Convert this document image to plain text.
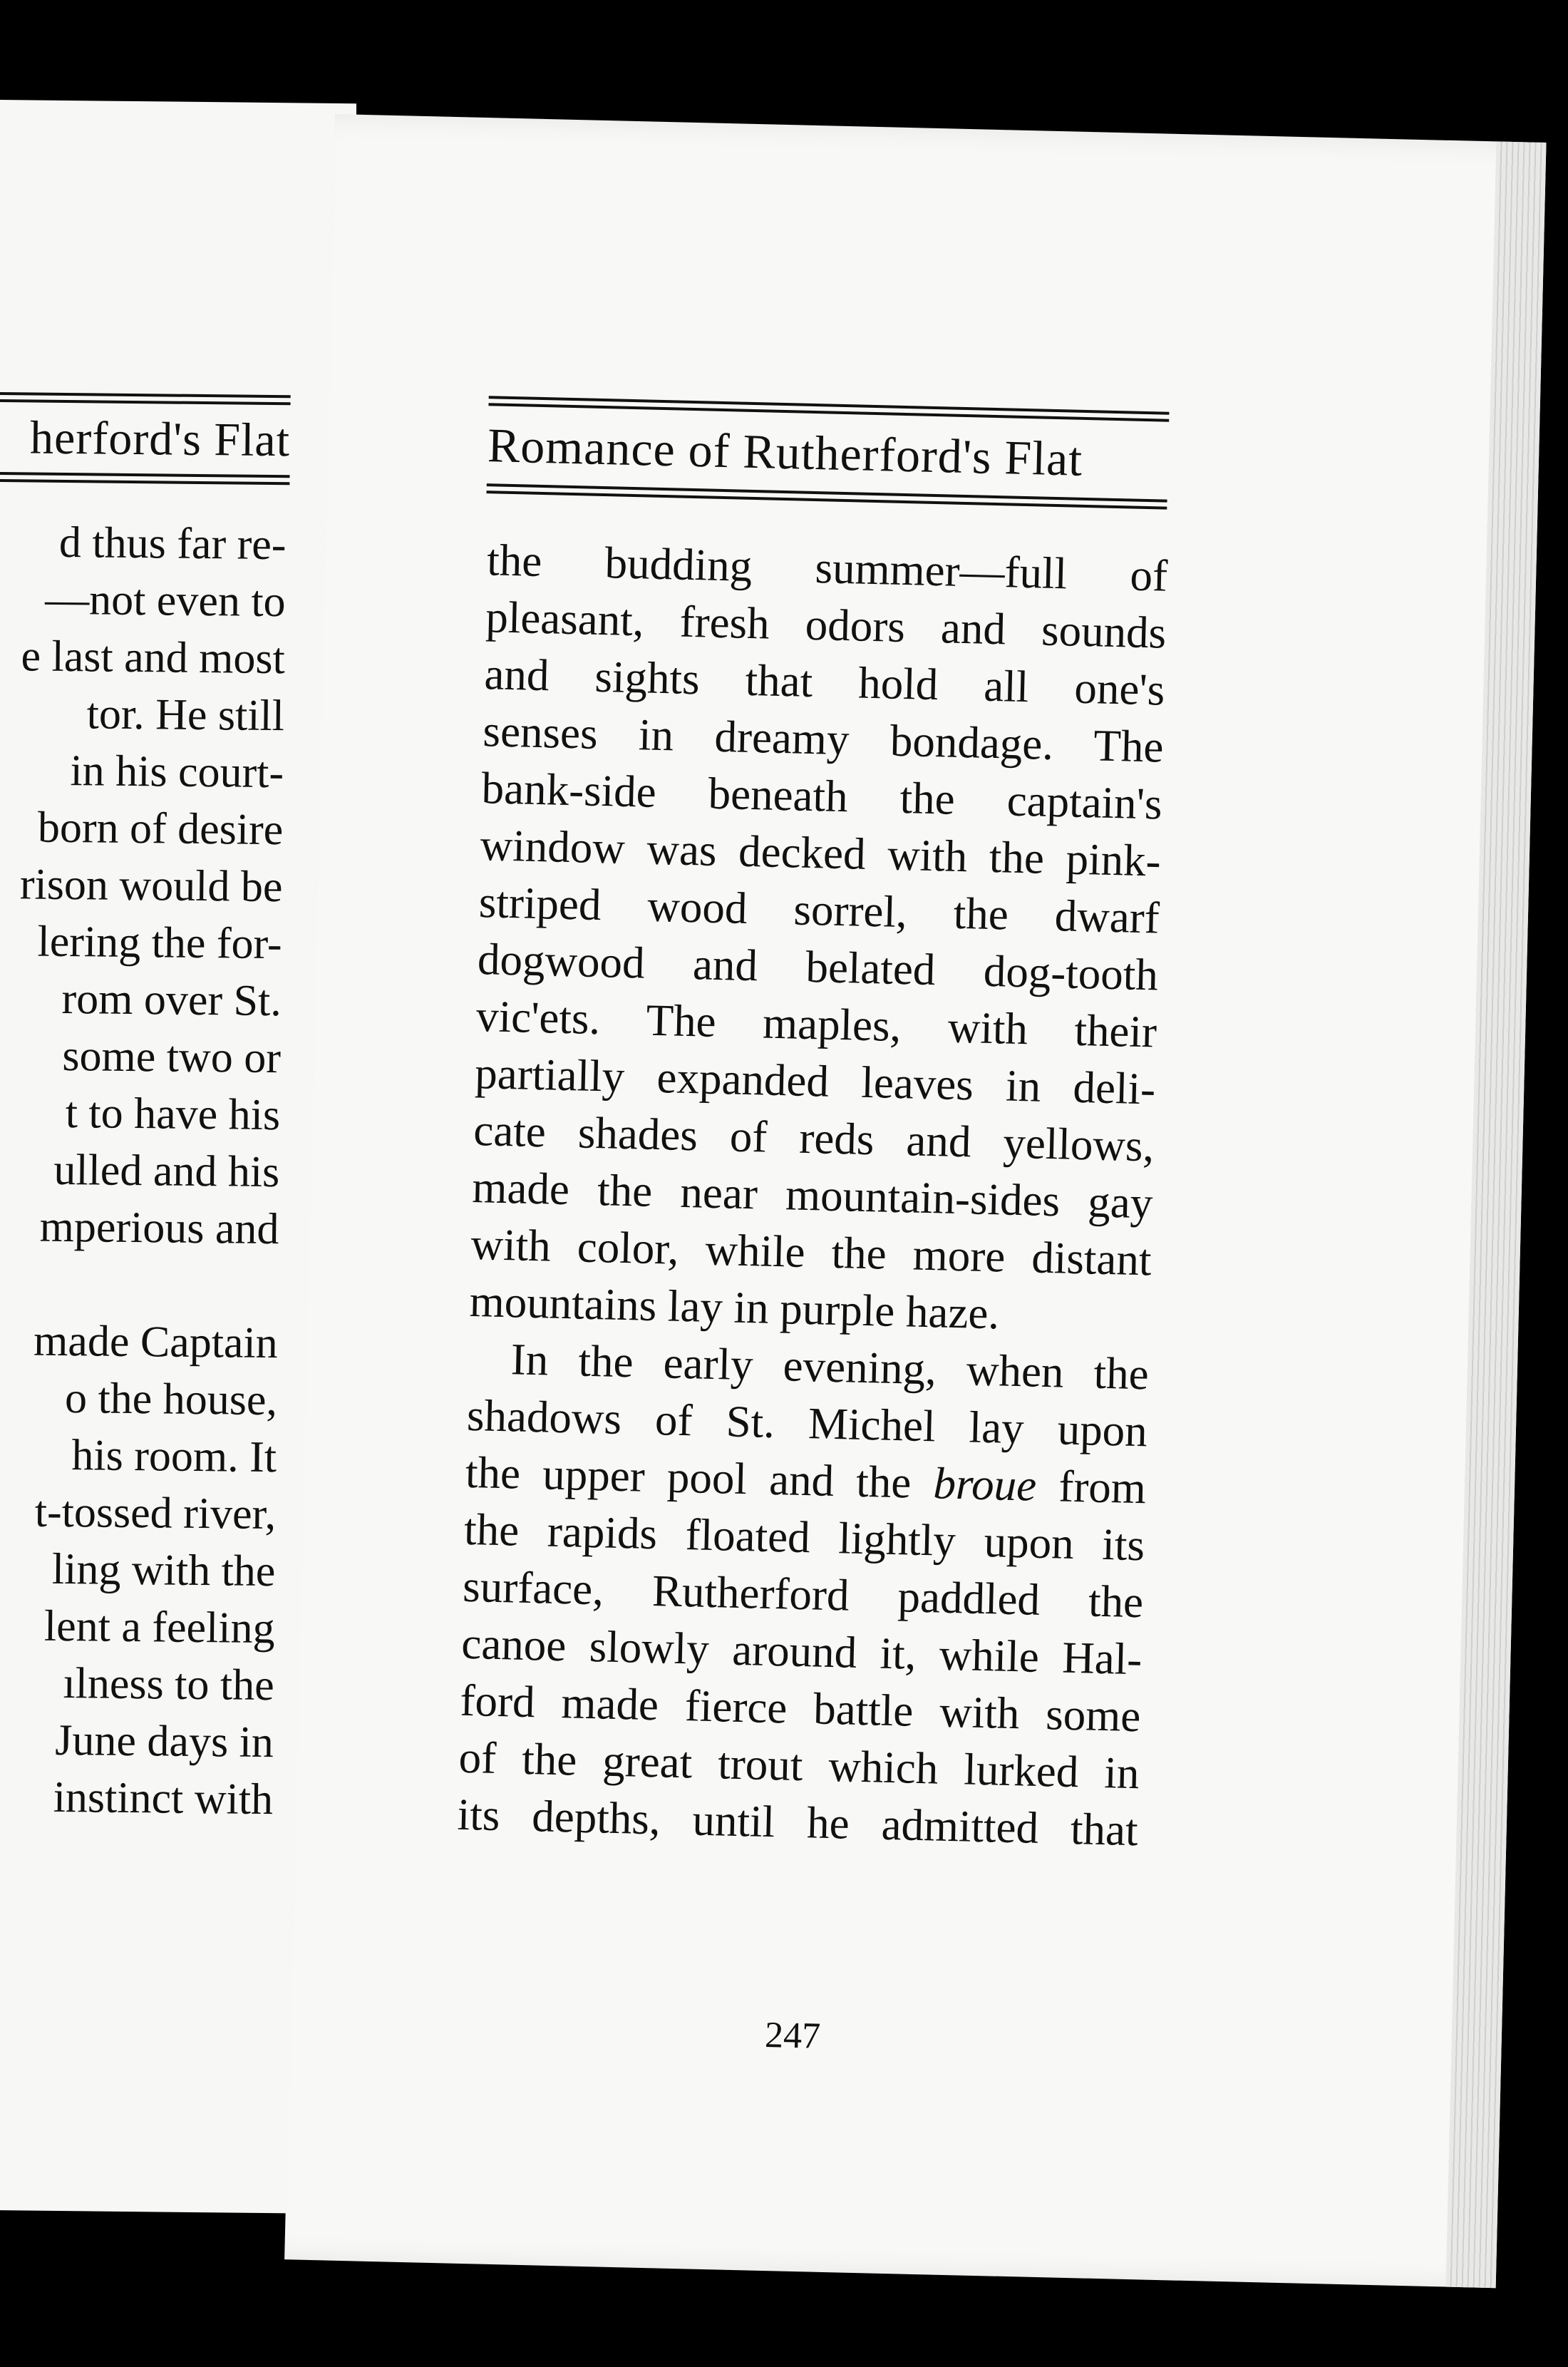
herford's Flat
d thus far re-
—not even to
e last and most
tor. He still
in his court-
born of desire
rison would be
lering the for-
rom over St.
some two or
t to have his
ulled and his
mperious and
made Captain
o the house,
his room. It
t-tossed river,
ling with the
lent a feeling
ılness to the
June days in
instinct with
Romance of Rutherford's Flat
the budding summer—full of
pleasant, fresh odors and sounds
and sights that hold all one's
senses in dreamy bondage. The
bank-side beneath the captain's
window was decked with the pink-
striped wood sorrel, the dwarf
dogwood and belated dog-tooth
vic'ets. The maples, with their
partially expanded leaves in deli-
cate shades of reds and yellows,
made the near mountain-sides gay
with color, while the more distant
mountains lay in purple haze.
In the early evening, when the
shadows of St. Michel lay upon
the upper pool and the broue from
the rapids floated lightly upon its
surface, Rutherford paddled the
canoe slowly around it, while Hal-
ford made fierce battle with some
of the great trout which lurked in
its depths, until he admitted that
247
